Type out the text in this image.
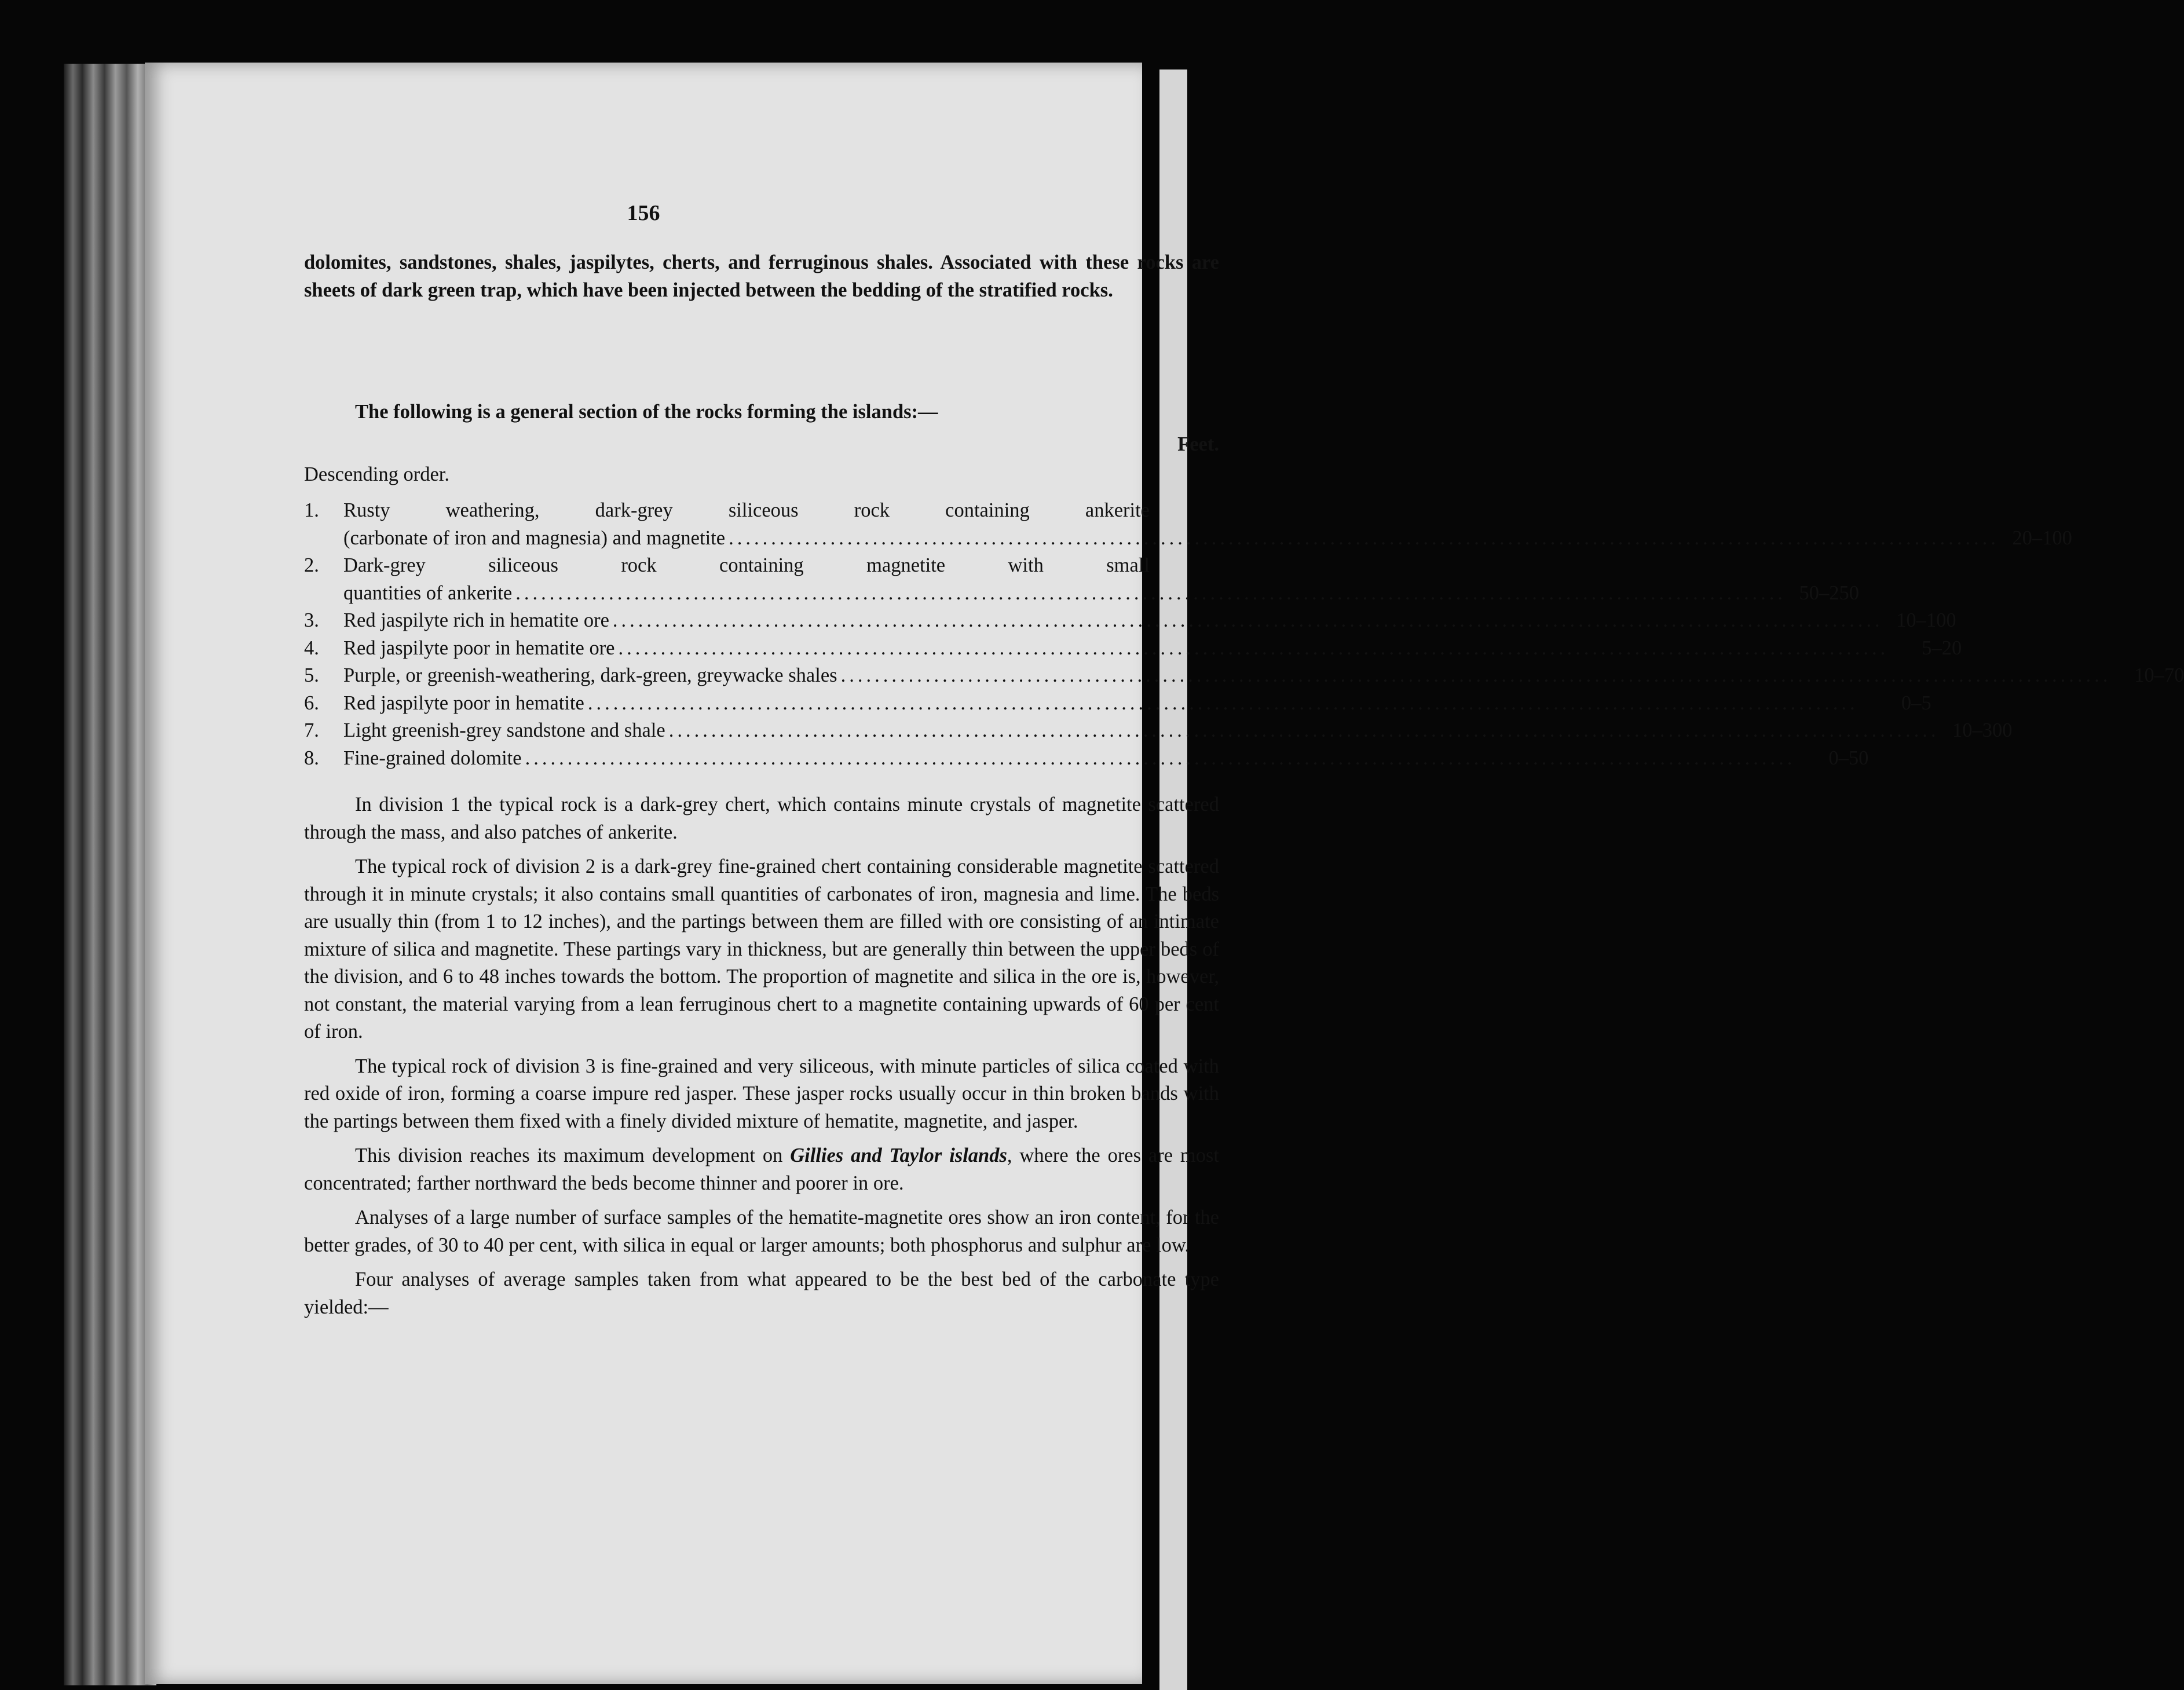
156

dolomites, sandstones, shales, jaspilytes, cherts, and ferruginous shales. Associated with these rocks are sheets of dark green trap, which have been injected between the bedding of the stratified rocks.

The following is a general section of the rocks forming the islands:—

Feet.
Descending order.
1.	Rusty weathering, dark-grey siliceous rock containing ankerite
(carbonate of iron and magnesia) and magnetite .....	20–100
2.	Dark-grey siliceous rock containing magnetite with small
quantities of ankerite .....	50–250
3.	Red jaspilyte rich in hematite ore .....	10–100
4.	Red jaspilyte poor in hematite ore .....	5–20
5.	Purple, or greenish-weathering, dark-green, greywacke shales .....	10–70
6.	Red jaspilyte poor in hematite .....	0–5
7.	Light greenish-grey sandstone and shale .....	10–300
8.	Fine-grained dolomite .....	0–50

In division 1 the typical rock is a dark-grey chert, which contains minute crystals of magnetite scattered through the mass, and also patches of ankerite.

The typical rock of division 2 is a dark-grey fine-grained chert containing considerable magnetite scattered through it in minute crystals; it also contains small quantities of carbonates of iron, magnesia and lime. The beds are usually thin (from 1 to 12 inches), and the partings between them are filled with ore consisting of an intimate mixture of silica and magnetite. These partings vary in thickness, but are generally thin between the upper beds of the division, and 6 to 48 inches towards the bottom. The proportion of magnetite and silica in the ore is, however, not constant, the material varying from a lean ferruginous chert to a magnetite containing upwards of 60 per cent of iron.

The typical rock of division 3 is fine-grained and very siliceous, with minute particles of silica coated with red oxide of iron, forming a coarse impure red jasper. These jasper rocks usually occur in thin broken bands with the partings between them fixed with a finely divided mixture of hematite, magnetite, and jasper.

This division reaches its maximum development on Gillies and Taylor islands, where the ores are most concentrated; farther northward the beds become thinner and poorer in ore.

Analyses of a large number of surface samples of the hematite-magnetite ores show an iron content, for the better grades, of 30 to 40 per cent, with silica in equal or larger amounts; both phosphorus and sulphur are low.

Four analyses of average samples taken from what appeared to be the best bed of the carbonate type yielded:—
